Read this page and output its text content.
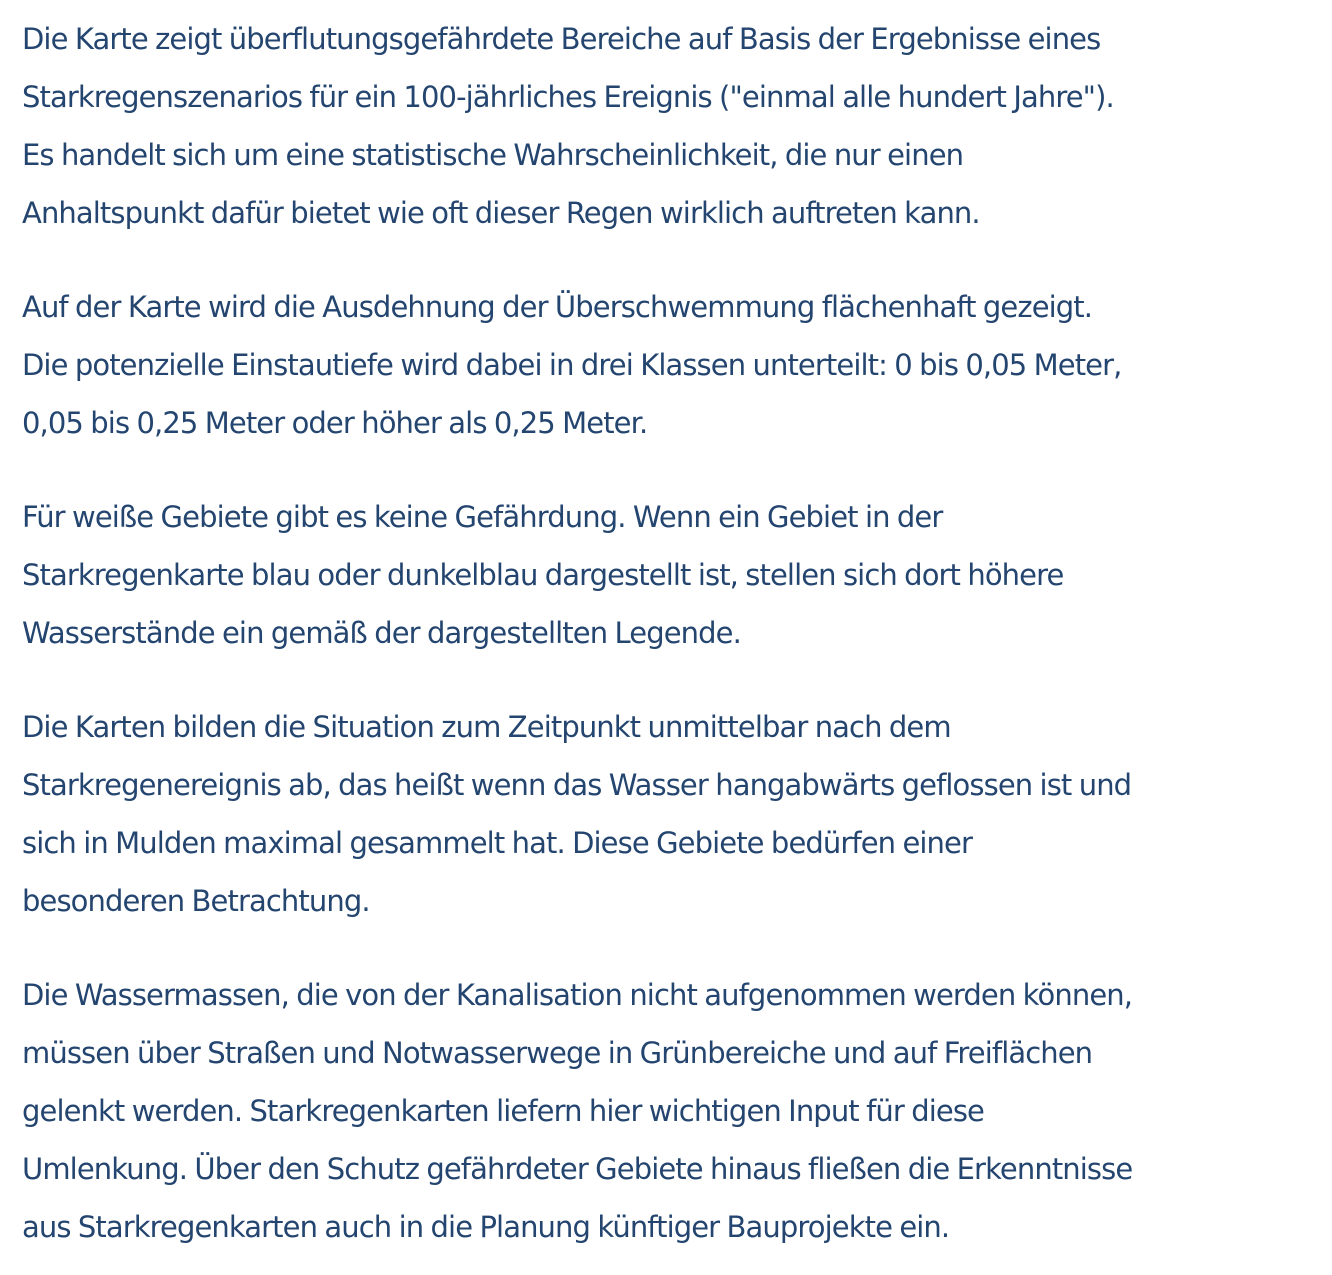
Die Karte zeigt überflutungsgefährdete Bereiche auf Basis der Ergebnisse eines
Starkregenszenarios für ein 100-jährliches Ereignis ("einmal alle hundert Jahre").
Es handelt sich um eine statistische Wahrscheinlichkeit, die nur einen
Anhaltspunkt dafür bietet wie oft dieser Regen wirklich auftreten kann.

Auf der Karte wird die Ausdehnung der Überschwemmung flächenhaft gezeigt.
Die potenzielle Einstautiefe wird dabei in drei Klassen unterteilt: 0 bis 0,05 Meter,
0,05 bis 0,25 Meter oder höher als 0,25 Meter.

Für weiße Gebiete gibt es keine Gefährdung. Wenn ein Gebiet in der
Starkregenkarte blau oder dunkelblau dargestellt ist, stellen sich dort höhere
Wasserstände ein gemäß der dargestellten Legende.

Die Karten bilden die Situation zum Zeitpunkt unmittelbar nach dem
Starkregenereignis ab, das heißt wenn das Wasser hangabwärts geflossen ist und
sich in Mulden maximal gesammelt hat. Diese Gebiete bedürfen einer
besonderen Betrachtung.

Die Wassermassen, die von der Kanalisation nicht aufgenommen werden können,
müssen über Straßen und Notwasserwege in Grünbereiche und auf Freiflächen
gelenkt werden. Starkregenkarten liefern hier wichtigen Input für diese
Umlenkung. Über den Schutz gefährdeter Gebiete hinaus fließen die Erkenntnisse
aus Starkregenkarten auch in die Planung künftiger Bauprojekte ein.
